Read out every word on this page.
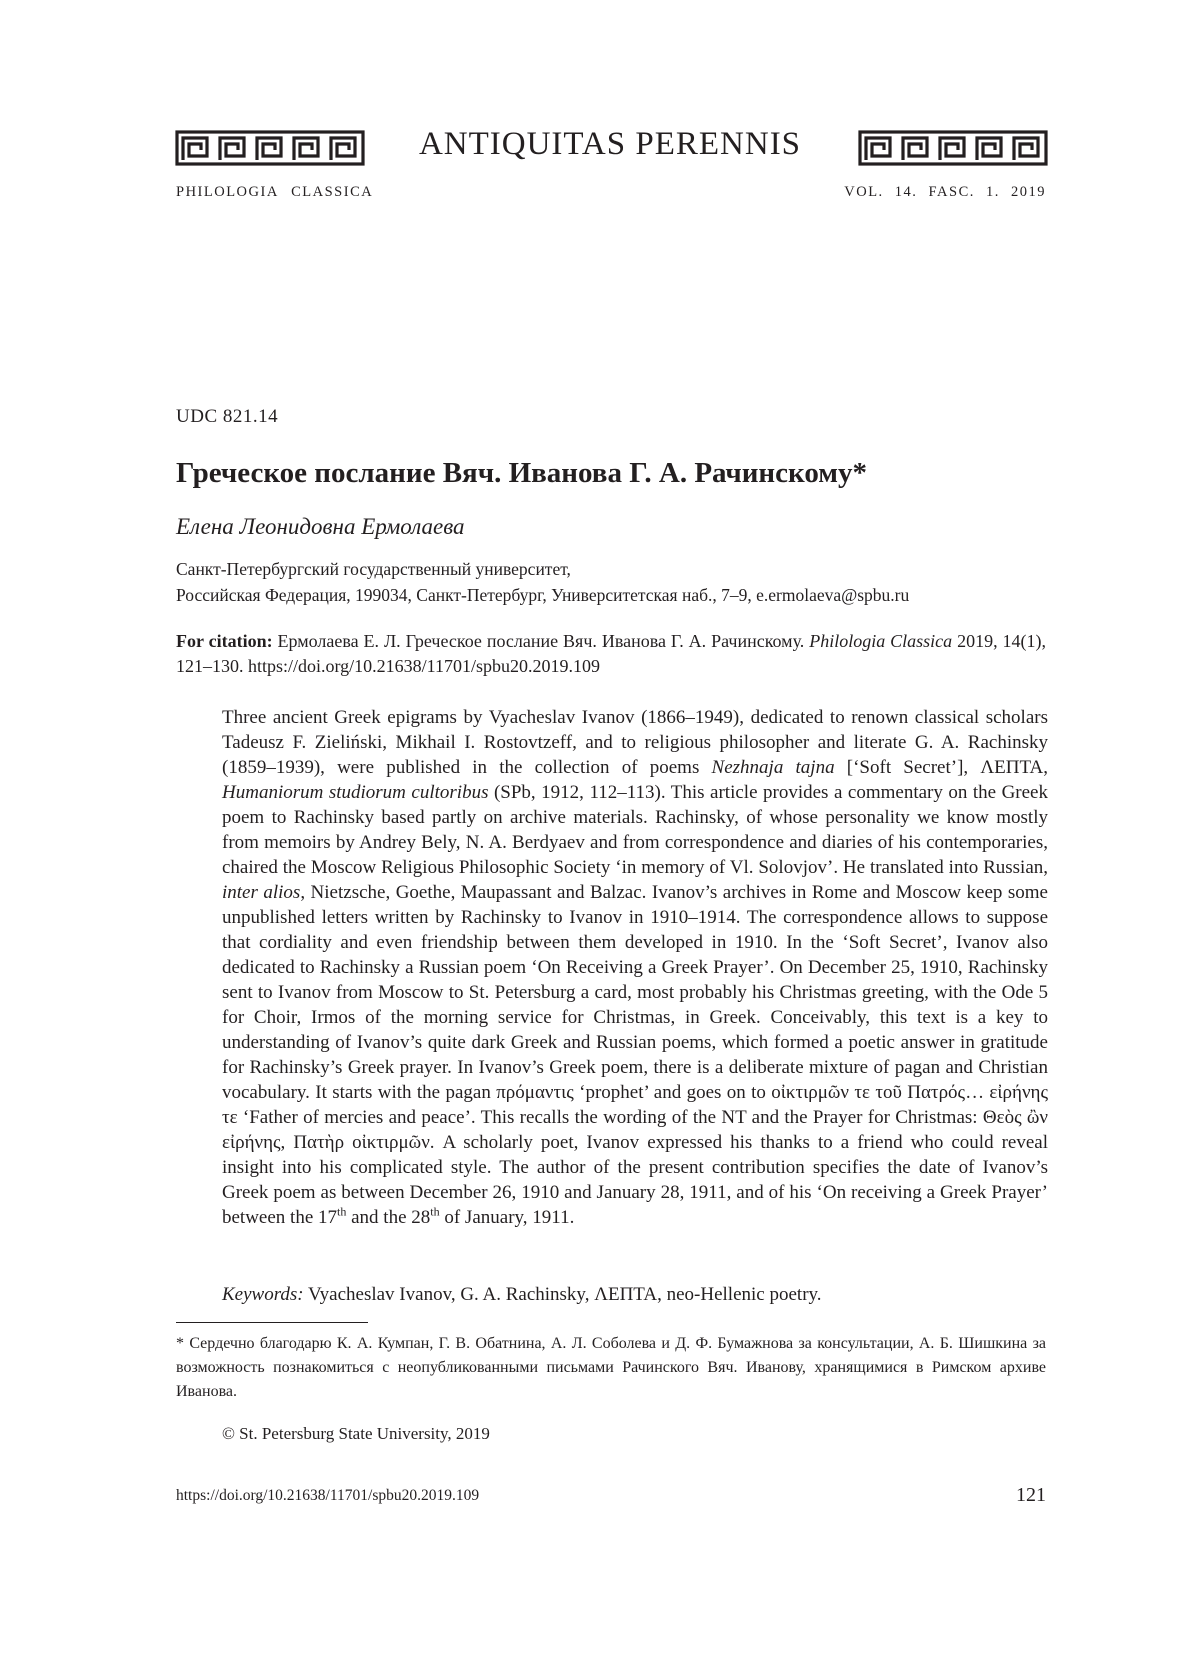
ANTIQUITAS PERENNIS
PHILOLOGIA CLASSICA	VOL. 14. FASC. 1. 2019
UDC 821.14
Греческое послание Вяч. Иванова Г. А. Рачинскому*
Елена Леонидовна Ермолаева
Санкт-Петербургский государственный университет,
Российская Федерация, 199034, Санкт-Петербург, Университетская наб., 7–9, e.ermolaeva@spbu.ru
For citation: Ермолаева Е. Л. Греческое послание Вяч. Иванова Г. А. Рачинскому. Philologia Classica 2019, 14(1), 121–130. https://doi.org/10.21638/11701/spbu20.2019.109

Three ancient Greek epigrams by Vyacheslav Ivanov (1866–1949), dedicated to renown classical scholars Tadeusz F. Zieliński, Mikhail I. Rostovtzeff, and to religious philosopher and literate G. A. Rachinsky (1859–1939), were published in the collection of poems Nezhnaja tajna [‘Soft Secret’], ΛΕΠΤΑ, Humaniorum studiorum cultoribus (SPb, 1912, 112–113). This article provides a commentary on the Greek poem to Rachinsky based partly on archive materials. Rachinsky, of whose personality we know mostly from memoirs by Andrey Bely, N. A. Berdyaev and from correspondence and diaries of his contemporaries, chaired the Moscow Religious Philosophic Society ‘in memory of Vl. Solovjov’. He translated into Russian, inter alios, Nietzsche, Goethe, Maupassant and Balzac. Ivanov’s archives in Rome and Moscow keep some unpublished letters written by Rachinsky to Ivanov in 1910–1914. The correspondence allows to suppose that cordiality and even friendship between them developed in 1910. In the ‘Soft Secret’, Ivanov also dedicated to Rachinsky a Russian poem ‘On Receiving a Greek Prayer’. On December 25, 1910, Rachinsky sent to Ivanov from Moscow to St. Petersburg a card, most probably his Christmas greeting, with the Ode 5 for Choir, Irmos of the morning service for Christmas, in Greek. Conceivably, this text is a key to understanding of Ivanov’s quite dark Greek and Russian poems, which formed a poetic answer in gratitude for Rachinsky’s Greek prayer. In Ivanov’s Greek poem, there is a deliberate mixture of pagan and Christian vocabulary. It starts with the pagan πρόμαντις ‘prophet’ and goes on to οἰκτιρμῶν τε τοῦ Πατρός… εἰρήνης τε ‘Father of mercies and peace’. This recalls the wording of the NT and the Prayer for Christmas: Θεὸς ὢν εἰρήνης, Πατὴρ οἰκτιρμῶν. A scholarly poet, Ivanov expressed his thanks to a friend who could reveal insight into his complicated style. The author of the present contribution specifies the date of Ivanov’s Greek poem as between December 26, 1910 and January 28, 1911, and of his ‘On receiving a Greek Prayer’ between the 17th and the 28th of January, 1911.

Keywords: Vyacheslav Ivanov, G. A. Rachinsky, ΛΕΠΤΑ, neo-Hellenic poetry.
* Сердечно благодарю К. А. Кумпан, Г. В. Обатнина, А. Л. Соболева и Д. Ф. Бумажнова за консультации, А. Б. Шишкина за возможность познакомиться с неопубликованными письмами Рачинского Вяч. Иванову, хранящимися в Римском архиве Иванова.
© St. Petersburg State University, 2019
https://doi.org/10.21638/11701/spbu20.2019.109	121
